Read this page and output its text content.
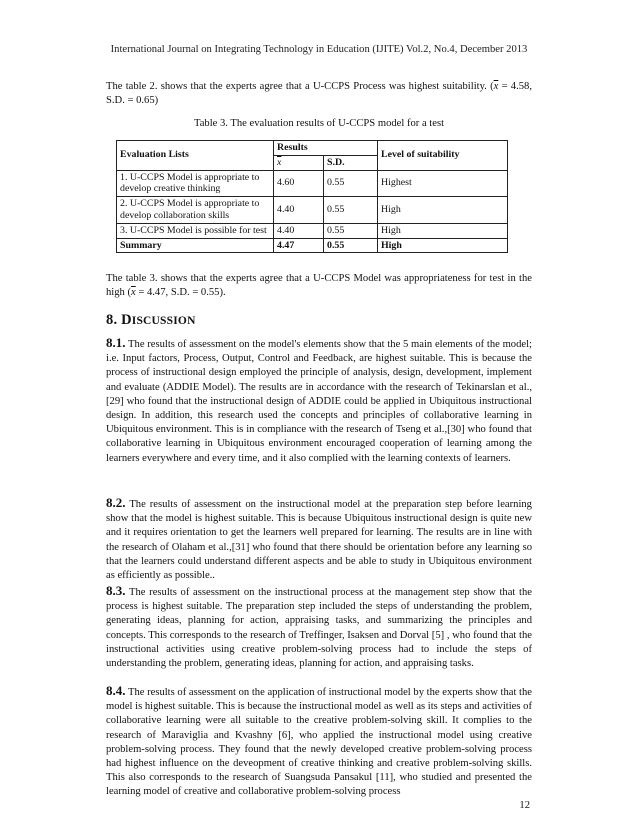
International Journal on Integrating Technology in Education (IJITE) Vol.2, No.4, December 2013

The table 2. shows that the experts agree that a U-CCPS Process was highest suitability. ($\overline{x} = 4.58$, S.D. = 0.65)

Table 3. The evaluation results of U-CCPS model for a test
Evaluation Lists	Results		Level of suitability
	$\overline{x}$	S.D.	
1. U-CCPS Model is appropriate to develop creative thinking	4.60	0.55	Highest
2. U-CCPS Model is appropriate to develop collaboration skills	4.40	0.55	High
3. U-CCPS Model is possible for test	4.40	0.55	High
Summary	4.47	0.55	High

The table 3. shows that the experts agree that a U-CCPS Model was appropriateness for test in the high ($\overline{x} = 4.47$, S.D. = 0.55).

8. DISCUSSION

8.1. The results of assessment on the model's elements show that the 5 main elements of the model; i.e. Input factors, Process, Output, Control and Feedback, are highest suitable. This is because the process of instructional design employed the principle of analysis, design, development, implement and evaluate (ADDIE Model). The results are in accordance with the research of Tekinarslan et al., [29] who found that the instructional design of ADDIE could be applied in Ubiquitous instructional design. In addition, this research used the concepts and principles of collaborative learning in Ubiquitous environment. This is in compliance with the research of Tseng et al.,[30] who found that collaborative learning in Ubiquitous environment encouraged cooperation of learning among the learners everywhere and every time, and it also complied with the learning contexts of learners.

8.2. The results of assessment on the instructional model at the preparation step before learning show that the model is highest suitable. This is because Ubiquitous instructional design is quite new and it requires orientation to get the learners well prepared for learning. The results are in line with the research of Olaham et al.,[31] who found that there should be orientation before any learning so that the learners could understand different aspects and be able to study in Ubiquitous environment as efficiently as possible..

8.3. The results of assessment on the instructional process at the management step show that the process is highest suitable. The preparation step included the steps of understanding the problem, generating ideas, planning for action, appraising tasks, and summarizing the principles and concepts. This corresponds to the research of Treffinger, Isaksen and Dorval [5] , who found that the instructional activities using creative problem-solving process had to include the steps of understanding the problem, generating ideas, planning for action, and appraising tasks.

8.4. The results of assessment on the application of instructional model by the experts show that the model is highest suitable. This is because the instructional model as well as its steps and activities of collaborative learning were all suitable to the creative problem-solving skill. It complies to the research of Maraviglia and Kvashny [6], who applied the instructional model using creative problem-solving process. They found that the newly developed creative problem-solving process had highest influence on the deveopment of creative thinking and creative problem-solving skills. This also corresponds to the research of Suangsuda Pansakul [11], who studied and presented the learning model of creative and collaborative problem-solving process

12
